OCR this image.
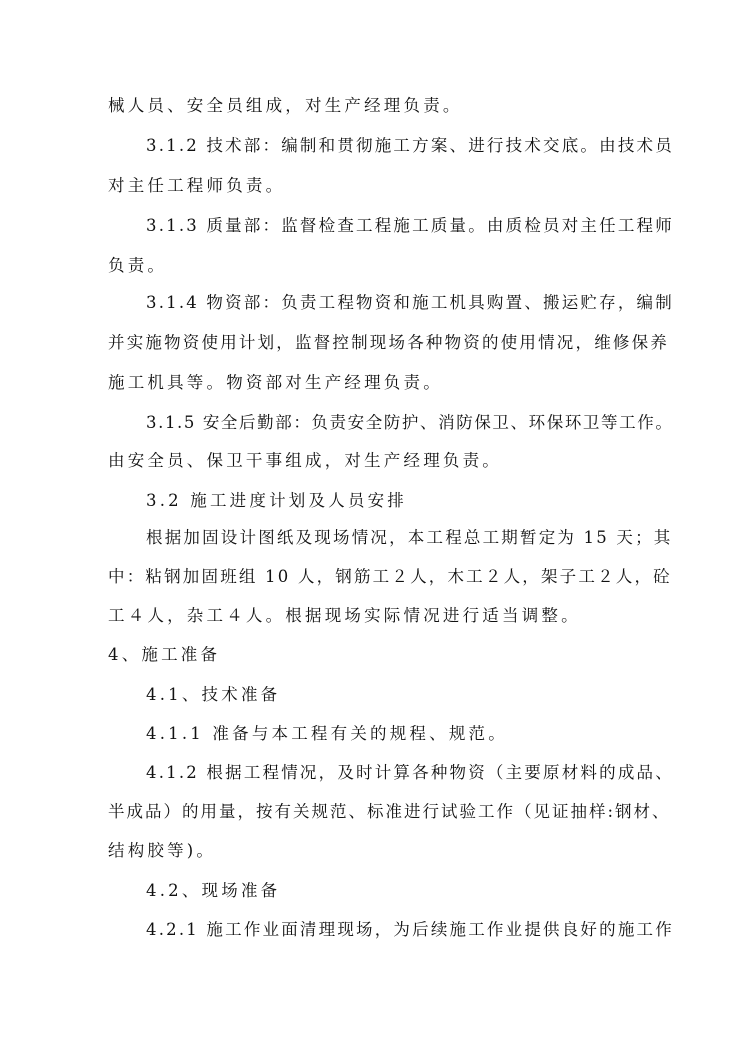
械人员、安全员组成，对生产经理负责。
3.1.2 技术部：编制和贯彻施工方案、进行技术交底。由技术员
对主任工程师负责。
3.1.3 质量部：监督检查工程施工质量。由质检员对主任工程师
负责。
3.1.4 物资部：负责工程物资和施工机具购置、搬运贮存，编制
并实施物资使用计划，监督控制现场各种物资的使用情况，维修保养
施工机具等。物资部对生产经理负责。
3.1.5 安全后勤部：负责安全防护、消防保卫、环保环卫等工作。
由安全员、保卫干事组成，对生产经理负责。
3.2 施工进度计划及人员安排
根据加固设计图纸及现场情况，本工程总工期暂定为 15 天；其
中：粘钢加固班组 10 人，钢筋工２人，木工２人，架子工２人，砼
工４人，杂工４人。根据现场实际情况进行适当调整。
4、施工准备
4.1、技术准备
4.1.1 准备与本工程有关的规程、规范。
4.1.2 根据工程情况，及时计算各种物资（主要原材料的成品、
半成品）的用量，按有关规范、标准进行试验工作（见证抽样:钢材、
结构胶等)。
4.2、现场准备
4.2.1 施工作业面清理现场，为后续施工作业提供良好的施工作
